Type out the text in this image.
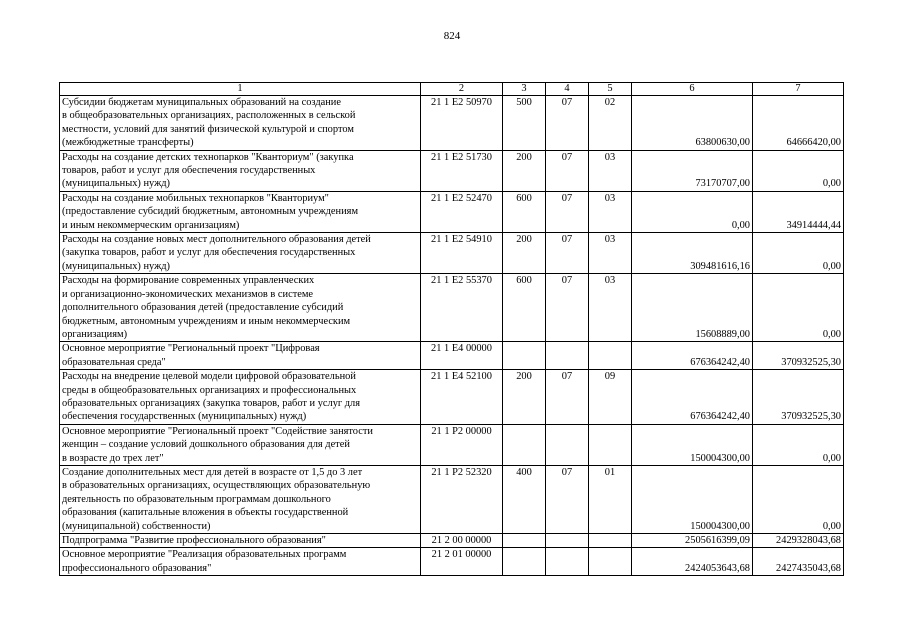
824
1	2	3	4	5	6	7
Субсидии бюджетам муниципальных образований на создание
в общеобразовательных организациях, расположенных в сельской
местности, условий для занятий физической культурой и спортом
(межбюджетные трансферты)	21 1 E2 50970	500	07	02	63800630,00	64666420,00
Расходы на создание детских технопарков "Кванториум" (закупка
товаров, работ и услуг для обеспечения государственных
(муниципальных) нужд)	21 1 E2 51730	200	07	03	73170707,00	0,00
Расходы на создание мобильных технопарков "Кванториум"
(предоставление субсидий бюджетным, автономным учреждениям
и иным некоммерческим организациям)	21 1 E2 52470	600	07	03	0,00	34914444,44
Расходы на создание новых мест дополнительного образования детей
(закупка товаров, работ и услуг для обеспечения государственных
(муниципальных) нужд)	21 1 E2 54910	200	07	03	309481616,16	0,00
Расходы на формирование современных управленческих
и организационно-экономических механизмов в системе
дополнительного образования детей (предоставление субсидий
бюджетным, автономным учреждениям и иным некоммерческим
организациям)	21 1 E2 55370	600	07	03	15608889,00	0,00
Основное мероприятие "Региональный проект "Цифровая
образовательная среда"	21 1 E4 00000				676364242,40	370932525,30
Расходы на внедрение целевой модели цифровой образовательной
среды в общеобразовательных организациях и профессиональных
образовательных организациях (закупка товаров, работ и услуг для
обеспечения государственных (муниципальных) нужд)	21 1 E4 52100	200	07	09	676364242,40	370932525,30
Основное мероприятие "Региональный проект "Содействие занятости
женщин – создание условий дошкольного образования для детей
в возрасте до трех лет"	21 1 P2 00000				150004300,00	0,00
Создание дополнительных мест для детей в возрасте от 1,5 до 3 лет
в образовательных организациях, осуществляющих образовательную
деятельность по образовательным программам дошкольного
образования (капитальные вложения в объекты государственной
(муниципальной) собственности)	21 1 P2 52320	400	07	01	150004300,00	0,00
Подпрограмма "Развитие профессионального образования"	21 2 00 00000				2505616399,09	2429328043,68
Основное мероприятие "Реализация образовательных программ
профессионального образования"	21 2 01 00000				2424053643,68	2427435043,68
